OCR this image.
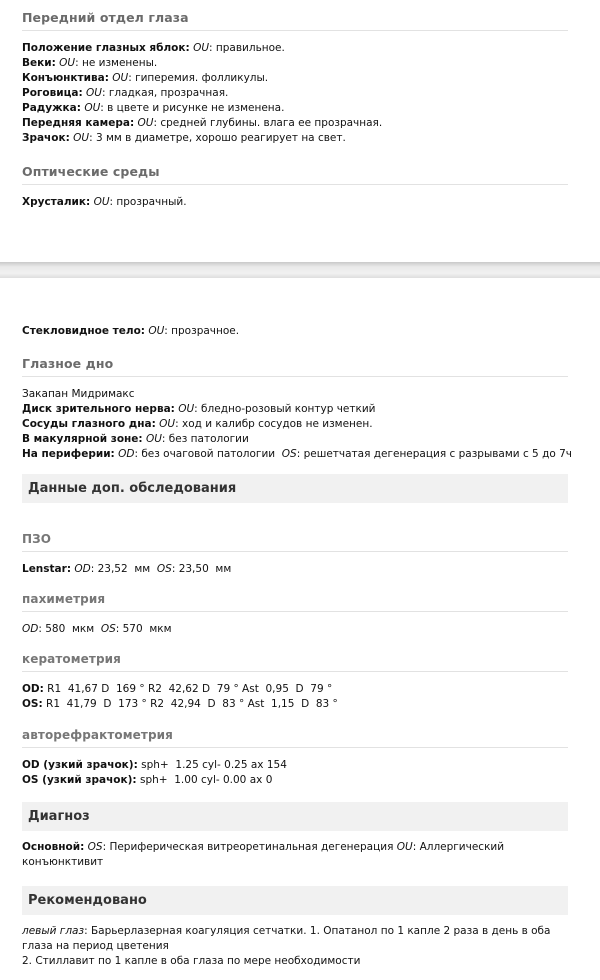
Передний отдел глаза
Положение глазных яблок: OU: правильное.
Веки: OU: не изменены.
Конъюнктива: OU: гиперемия. фолликулы.
Роговица: OU: гладкая, прозрачная.
Радужка: OU: в цвете и рисунке не изменена.
Передняя камера: OU: средней глубины. влага ее прозрачная.
Зрачок: OU: 3 мм в диаметре, хорошо реагирует на свет.
Оптические среды
Хрусталик: OU: прозрачный.
Стекловидное тело: OU: прозрачное.
Глазное дно
Закапан Мидримакс
Диск зрительного нерва: OU: бледно-розовый контур четкий
Сосуды глазного дна: OU: ход и калибр сосудов не изменен.
В макулярной зоне: OU: без патологии
На периферии: OD: без очаговой патологии  OS: решетчатая дегенерация с разрывами с 5 до 7ч
Данные доп. обследования
ПЗО
Lenstar: OD: 23,52  мм  OS: 23,50  мм
пахиметрия
OD: 580  мкм  OS: 570  мкм
кератометрия
OD: R1  41,67 D  169 ° R2  42,62 D  79 ° Ast  0,95  D  79 °
OS: R1  41,79  D  173 ° R2  42,94  D  83 ° Ast  1,15  D  83 °
авторефрактометрия
OD (узкий зрачок): sph+  1.25 cyl- 0.25 ax 154
OS (узкий зрачок): sph+  1.00 cyl- 0.00 ax 0
Диагноз
Основной: OS: Периферическая витреоретинальная дегенерация OU: Аллергический конъюнктивит
Рекомендовано
левый глаз: Барьерлазерная коагуляция сетчатки. 1. Опатанол по 1 капле 2 раза в день в оба глаза на период цветения
2. Стиллавит по 1 капле в оба глаза по мере необходимости
